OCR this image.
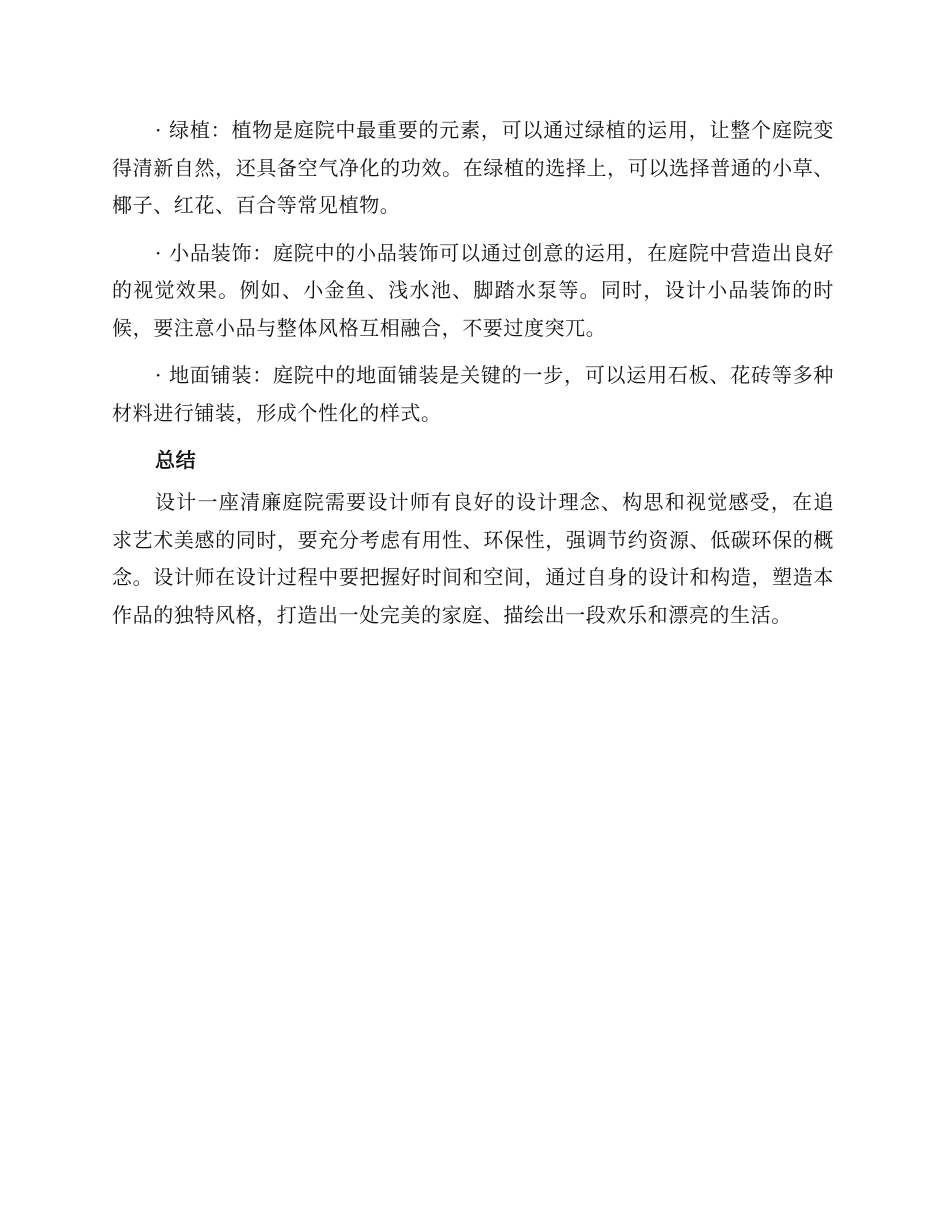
· 绿植：植物是庭院中最重要的元素，可以通过绿植的运用，让整个庭院变得清新自然，还具备空气净化的功效。在绿植的选择上，可以选择普通的小草、椰子、红花、百合等常见植物。

· 小品装饰：庭院中的小品装饰可以通过创意的运用，在庭院中营造出良好的视觉效果。例如、小金鱼、浅水池、脚踏水泵等。同时，设计小品装饰的时候，要注意小品与整体风格互相融合，不要过度突兀。

· 地面铺装：庭院中的地面铺装是关键的一步，可以运用石板、花砖等多种材料进行铺装，形成个性化的样式。

总结

设计一座清廉庭院需要设计师有良好的设计理念、构思和视觉感受，在追求艺术美感的同时，要充分考虑有用性、环保性，强调节约资源、低碳环保的概念。设计师在设计过程中要把握好时间和空间，通过自身的设计和构造，塑造本作品的独特风格，打造出一处完美的家庭、描绘出一段欢乐和漂亮的生活。
